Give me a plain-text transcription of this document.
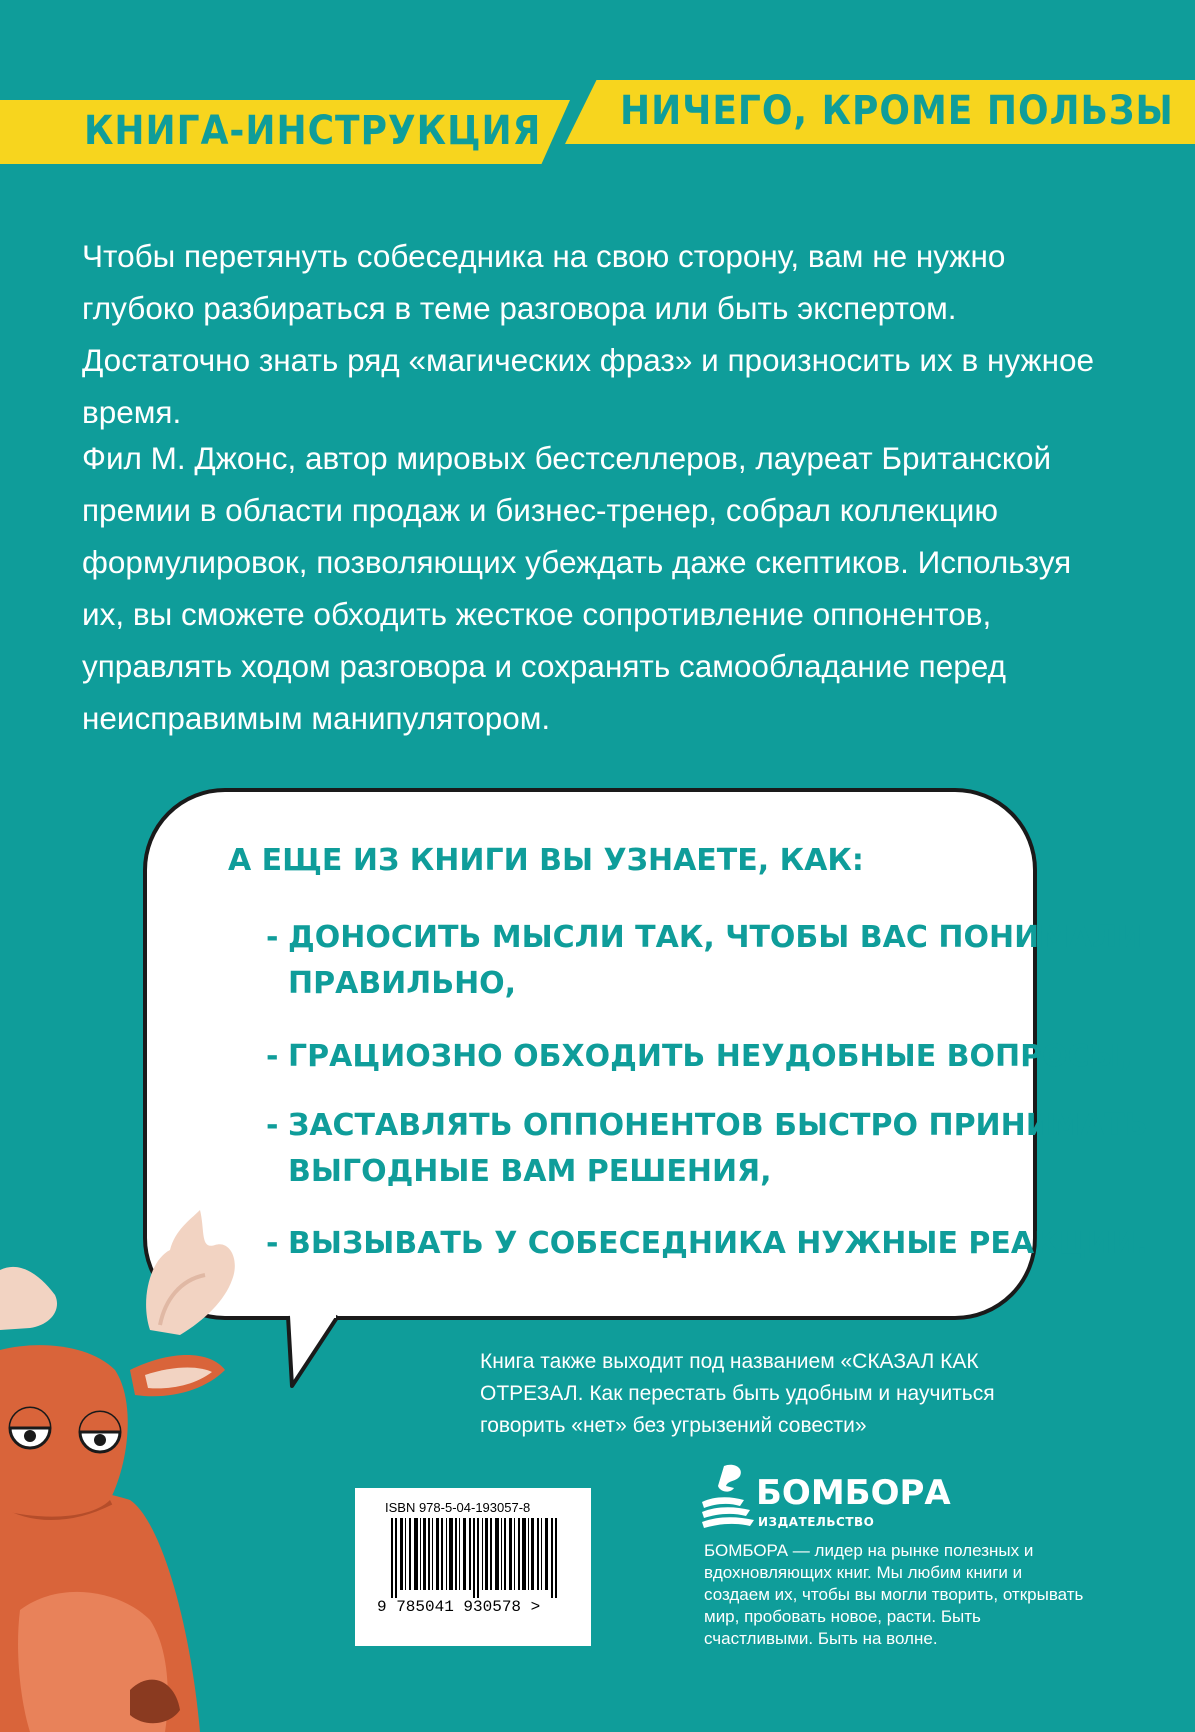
КНИГА-ИНСТРУКЦИЯ НИЧЕГО, КРОМЕ ПОЛЬЗЫ

Чтобы перетянуть собеседника на свою сторону, вам не нужно глубоко разбираться в теме разговора или быть экспертом. Достаточно знать ряд «магических фраз» и произносить их в нужное время.

Фил М. Джонс, автор мировых бестселлеров, лауреат Британской премии в области продаж и бизнес-тренер, собрал коллекцию формулировок, позволяющих убеждать даже скептиков. Используя их, вы сможете обходить жесткое сопротивление оппонентов, управлять ходом разговора и сохранять самообладание перед неисправимым манипулятором.

А ЕЩЕ ИЗ КНИГИ ВЫ УЗНАЕТЕ, КАК:
- ДОНОСИТЬ МЫСЛИ ТАК, ЧТОБЫ ВАС ПОНИМАЛИ
ПРАВИЛЬНО,
- ГРАЦИОЗНО ОБХОДИТЬ НЕУДОБНЫЕ ВОПРОСЫ,
- ЗАСТАВЛЯТЬ ОППОНЕНТОВ БЫСТРО ПРИНИМАТЬ
ВЫГОДНЫЕ ВАМ РЕШЕНИЯ,
- ВЫЗЫВАТЬ У СОБЕСЕДНИКА НУЖНЫЕ РЕАКЦИИ.

Книга также выходит под названием «СКАЗАЛ КАК ОТРЕЗАЛ. Как перестать быть удобным и научиться говорить «нет» без угрызений совести»

ISBN 978-5-04-193057-8
9 785041 930578 >
БОМБОРА
ИЗДАТЕЛЬСТВО

БОМБОРА — лидер на рынке полезных и вдохновляющих книг. Мы любим книги и создаем их, чтобы вы могли творить, открывать мир, пробовать новое, расти. Быть счастливыми. Быть на волне.
